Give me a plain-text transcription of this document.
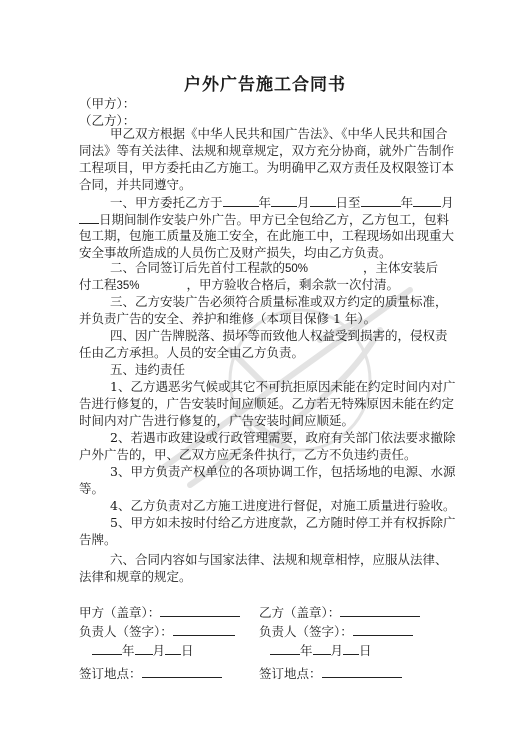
户外广告施工合同书
（甲方）：
（乙方）：
甲乙双方根据《中华人民共和国广告法》、《中华人民共和国合
同法》等有关法律、法规和规章规定，双方充分协商，就外广告制作
工程项目，甲方委托由乙方施工。为明确甲乙双方责任及权限签订本
合同，并共同遵守。
一、甲方委托乙方于	年 月 日至	年 月
日期间制作安装户外广告。甲方已全包给乙方，乙方包工，包料
包工期，包施工质量及施工安全，在此施工中，工程现场如出现重大
安全事故所造成的人员伤亡及财产损失，均由乙方负责。
二、合同签订后先首付工程款的50%	，主体安装后
付工程35%	，甲方验收合格后，剩余款一次付清。
三、乙方安装广告必须符合质量标准或双方约定的质量标准，
并负责广告的安全、养护和维修（本项目保修 1 年）。
四、因广告牌脱落、损坏等而致他人权益受到损害的，侵权责
任由乙方承担。人员的安全由乙方负责。
五、违约责任
1、乙方遇恶劣气候或其它不可抗拒原因未能在约定时间内对广
告进行修复的，广告安装时间应顺延。乙方若无特殊原因未能在约定
时间内对广告进行修复的，广告安装时间应顺延。
2、若遇市政建设或行政管理需要，政府有关部门依法要求撤除
户外广告的，甲、乙双方应无条件执行，乙方不负违约责任。
3、甲方负责产权单位的各项协调工作，包括场地的电源、水源
等。
4、乙方负责对乙方施工进度进行督促，对施工质量进行验收。
5、甲方如未按时付给乙方进度款，乙方随时停工并有权拆除广
告牌。
六、合同内容如与国家法律、法规和规章相悖，应服从法律、
法律和规章的规定。
甲方（盖章）：	乙方（盖章）：
负责人（签字）：	负责人（签字）：
年 月 日	年 月 日
签订地点：	签订地点：
